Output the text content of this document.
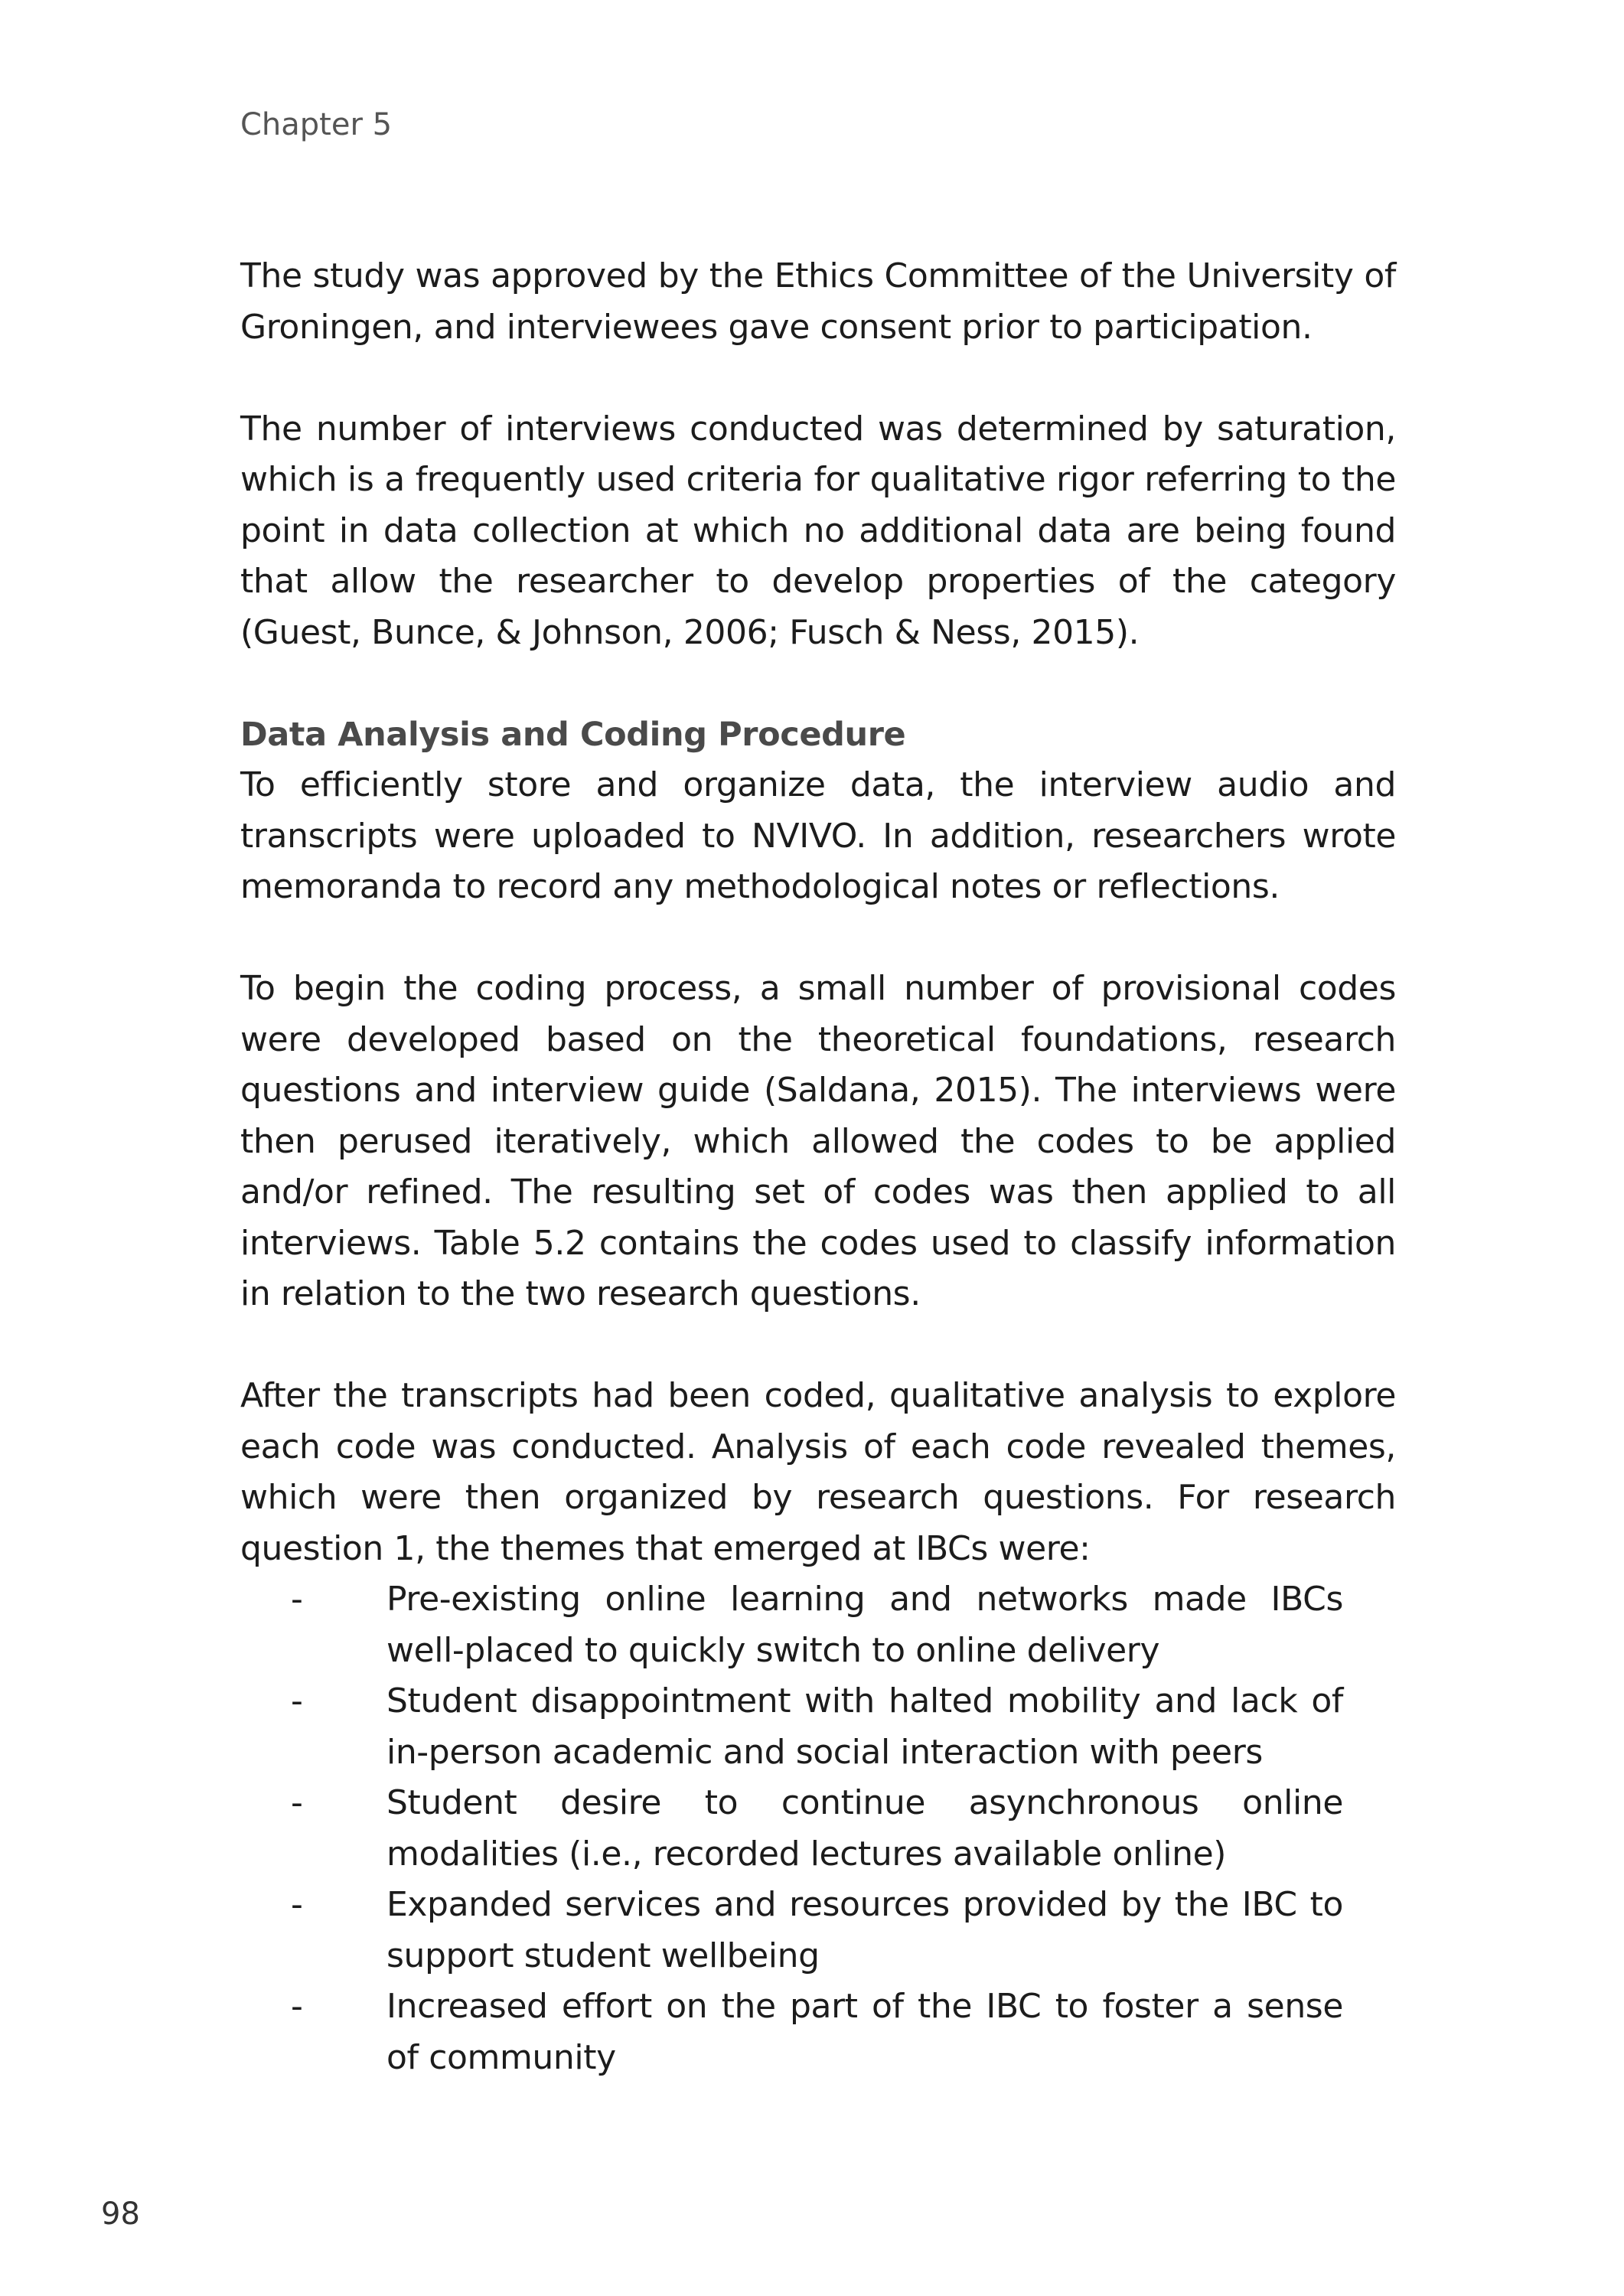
Chapter 5

The study was approved by the Ethics Committee of the University of Groningen, and interviewees gave consent prior to participation.

The number of interviews conducted was determined by saturation, which is a frequently used criteria for qualitative rigor referring to the point in data collection at which no additional data are being found that allow the researcher to develop properties of the category (Guest, Bunce, & Johnson, 2006; Fusch & Ness, 2015).

Data Analysis and Coding Procedure

To efficiently store and organize data, the interview audio and transcripts were uploaded to NVIVO. In addition, researchers wrote memoranda to record any methodological notes or reflections.

To begin the coding process, a small number of provisional codes were developed based on the theoretical foundations, research questions and interview guide (Saldana, 2015). The interviews were then perused iteratively, which allowed the codes to be applied and/or refined. The resulting set of codes was then applied to all interviews. Table 5.2 contains the codes used to classify information in relation to the two research questions.

After the transcripts had been coded, qualitative analysis to explore each code was conducted. Analysis of each code revealed themes, which were then organized by research questions. For research question 1, the themes that emerged at IBCs were:

- Pre-existing online learning and networks made IBCs well-placed to quickly switch to online delivery
- Student disappointment with halted mobility and lack of in-person academic and social interaction with peers
- Student desire to continue asynchronous online modalities (i.e., recorded lectures available online)
- Expanded services and resources provided by the IBC to support student wellbeing
- Increased effort on the part of the IBC to foster a sense of community
98
